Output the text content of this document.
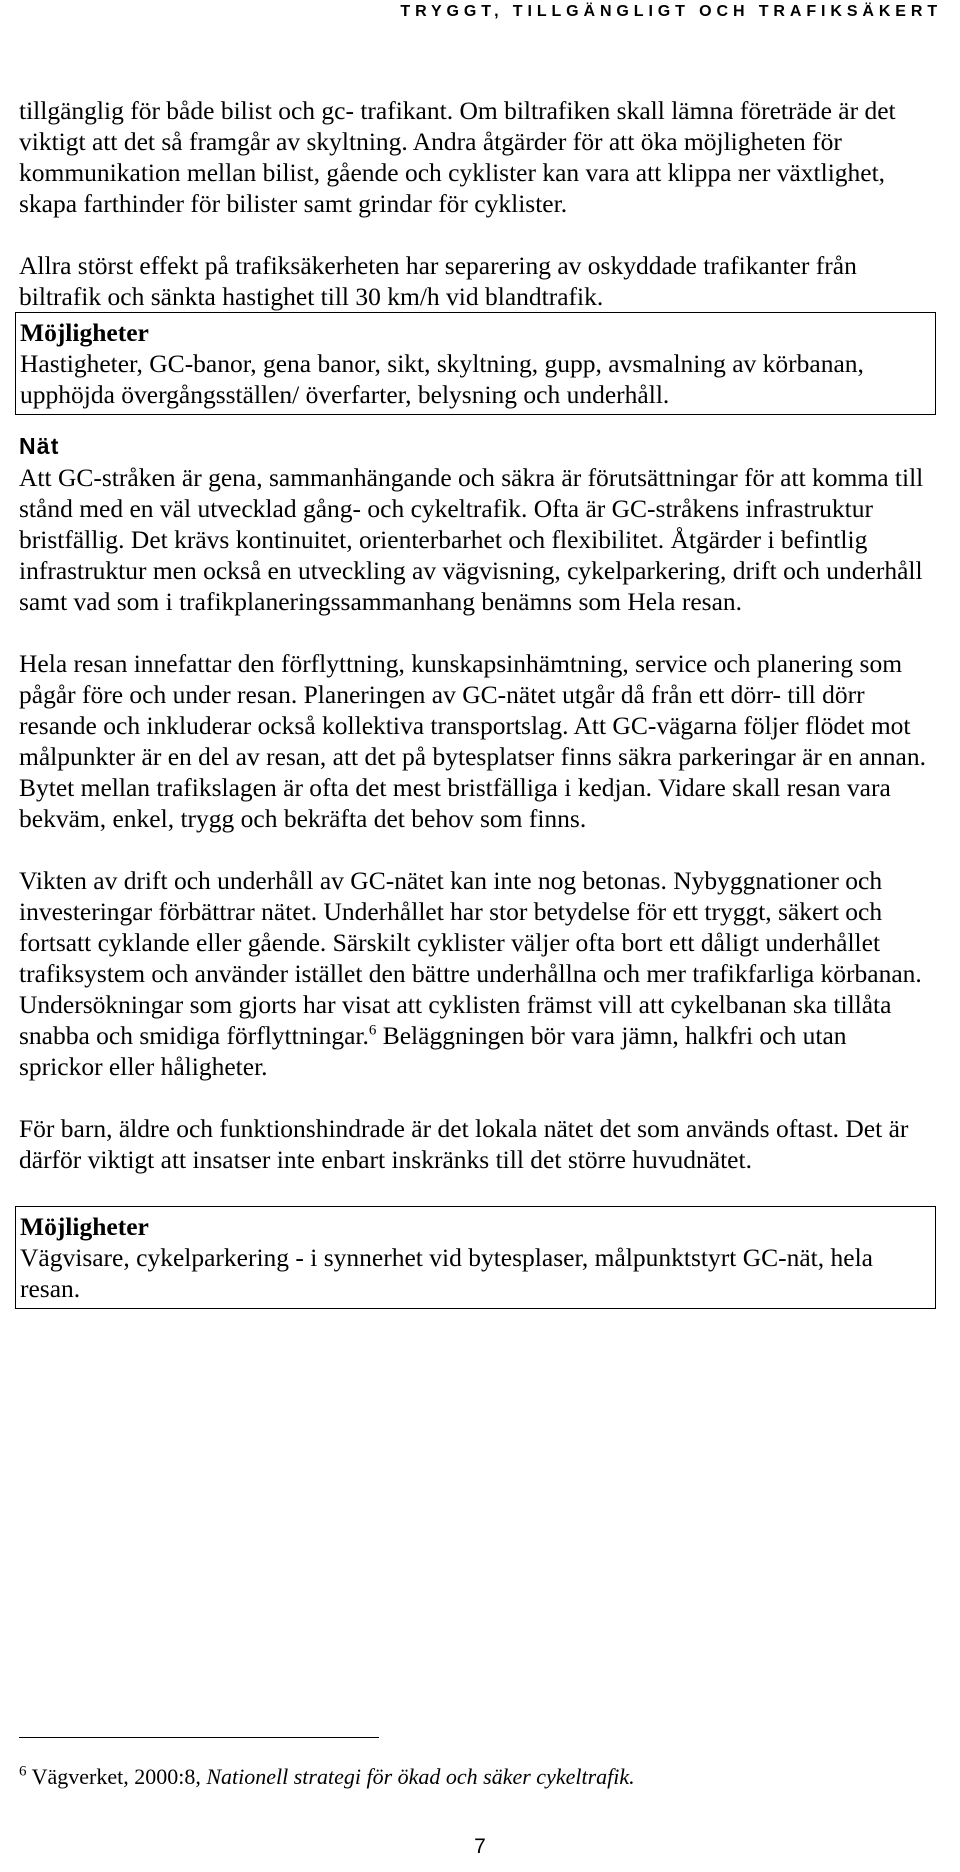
TRYGGT, TILLGÄNGLIGT OCH TRAFIKSÄKERT

tillgänglig för både bilist och gc- trafikant. Om biltrafiken skall lämna företräde är det viktigt att det så framgår av skyltning. Andra åtgärder för att öka möjligheten för kommunikation mellan bilist, gående och cyklister kan vara att klippa ner växtlighet, skapa farthinder för bilister samt grindar för cyklister.

Allra störst effekt på trafiksäkerheten har separering av oskyddade trafikanter från biltrafik och sänkta hastighet till 30 km/h vid blandtrafik.

Möjligheter
Hastigheter, GC-banor, gena banor, sikt, skyltning, gupp, avsmalning av körbanan, upphöjda övergångsställen/ överfarter, belysning och underhåll.
Nät

Att GC-stråken är gena, sammanhängande och säkra är förutsättningar för att komma till stånd med en väl utvecklad gång- och cykeltrafik. Ofta är GC-stråkens infrastruktur bristfällig. Det krävs kontinuitet, orienterbarhet och flexibilitet. Åtgärder i befintlig infrastruktur men också en utveckling av vägvisning, cykelparkering, drift och underhåll samt vad som i trafikplaneringssammanhang benämns som Hela resan.

Hela resan innefattar den förflyttning, kunskapsinhämtning, service och planering som pågår före och under resan. Planeringen av GC-nätet utgår då från ett dörr- till dörr resande och inkluderar också kollektiva transportslag. Att GC-vägarna följer flödet mot målpunkter är en del av resan, att det på bytesplatser finns säkra parkeringar är en annan. Bytet mellan trafikslagen är ofta det mest bristfälliga i kedjan. Vidare skall resan vara bekväm, enkel, trygg och bekräfta det behov som finns.

Vikten av drift och underhåll av GC-nätet kan inte nog betonas. Nybyggnationer och investeringar förbättrar nätet. Underhållet har stor betydelse för ett tryggt, säkert och fortsatt cyklande eller gående. Särskilt cyklister väljer ofta bort ett dåligt underhållet trafiksystem och använder istället den bättre underhållna och mer trafikfarliga körbanan. Undersökningar som gjorts har visat att cyklisten främst vill att cykelbanan ska tillåta snabba och smidiga förflyttningar.$^6$ Beläggningen bör vara jämn, halkfri och utan sprickor eller håligheter.

För barn, äldre och funktionshindrade är det lokala nätet det som används oftast. Det är därför viktigt att insatser inte enbart inskränks till det större huvudnätet.

Möjligheter
Vägvisare, cykelparkering - i synnerhet vid bytesplaser, målpunktstyrt GC-nät, hela resan.
$^6$ Vägverket, 2000:8, Nationell strategi för ökad och säker cykeltrafik.
7
